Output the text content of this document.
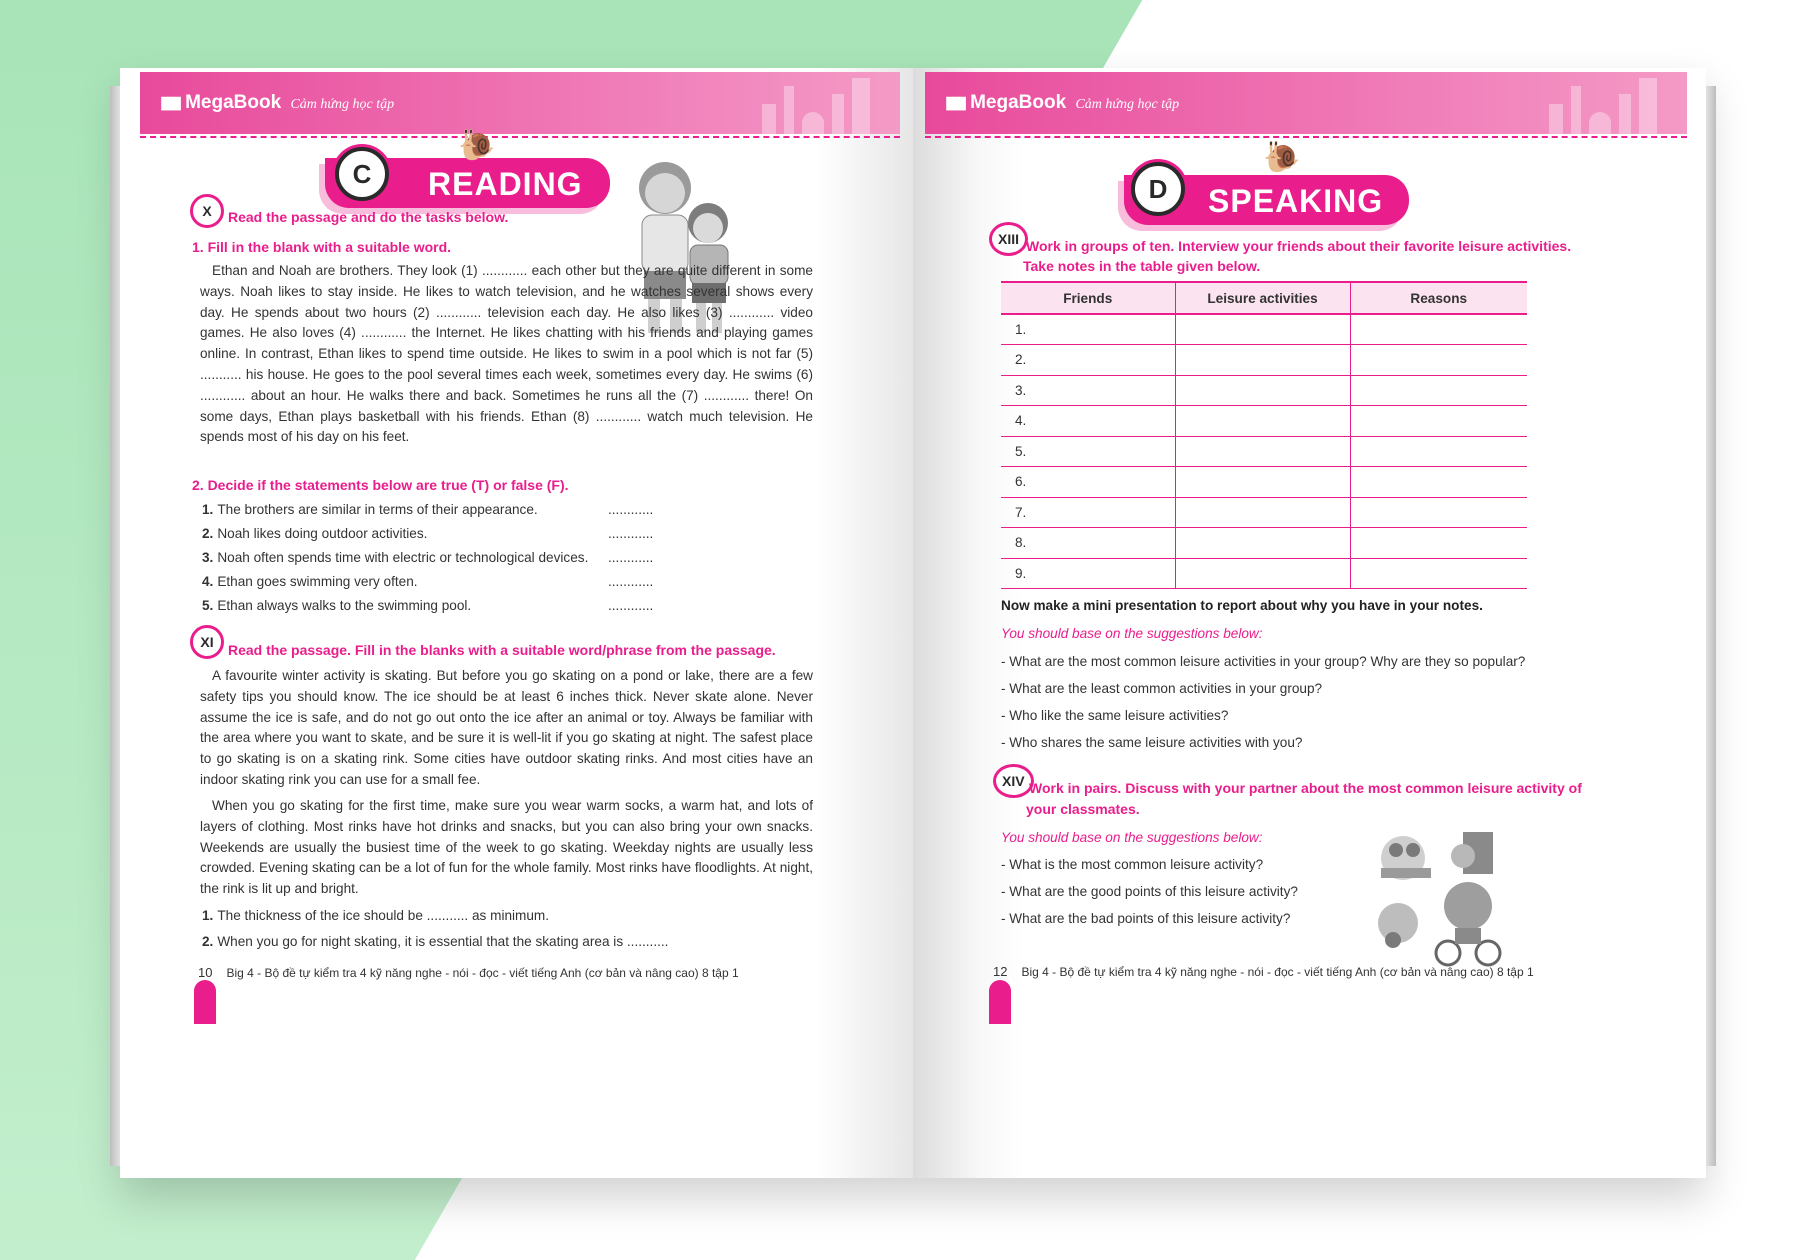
▮▮▮ MegaBook Cảm hứng học tập
READING
C
🐌
X	Read the passage and do the tasks below.
1. Fill in the blank with a suitable word.

Ethan and Noah are brothers. They look (1) ............ each other but they are quite different in some ways. Noah likes to stay inside. He likes to watch television, and he watches several shows every day. He spends about two hours (2) ............ television each day. He also likes (3) ............ video games. He also loves (4) ............ the Internet. He likes chatting with his friends and playing games online. In contrast, Ethan likes to spend time outside. He likes to swim in a pool which is not far (5) ........... his house. He goes to the pool several times each week, sometimes every day. He swims (6) ............ about an hour. He walks there and back. Sometimes he runs all the (7) ............ there! On some days, Ethan plays basketball with his friends. Ethan (8) ............ watch much television. He spends most of his day on his feet.

2. Decide if the statements below are true (T) or false (F).
1. The brothers are similar in terms of their appearance.	............
2. Noah likes doing outdoor activities.	............
3. Noah often spends time with electric or technological devices. ............
4. Ethan goes swimming very often.	............
5. Ethan always walks to the swimming pool.	............
XI	Read the passage. Fill in the blanks with a suitable word/phrase from the passage.

A favourite winter activity is skating. But before you go skating on a pond or lake, there are a few safety tips you should know. The ice should be at least 6 inches thick. Never skate alone. Never assume the ice is safe, and do not go out onto the ice after an animal or toy. Always be familiar with the area where you want to skate, and be sure it is well-lit if you go skating at night. The safest place to go skating is on a skating rink. Some cities have outdoor skating rinks. And most cities have an indoor skating rink you can use for a small fee.

When you go skating for the first time, make sure you wear warm socks, a warm hat, and lots of layers of clothing. Most rinks have hot drinks and snacks, but you can also bring your own snacks. Weekends are usually the busiest time of the week to go skating. Weekday nights are usually less crowded. Evening skating can be a lot of fun for the whole family. Most rinks have floodlights. At night, the rink is lit up and bright.

1. The thickness of the ice should be ........... as minimum.
2. When you go for night skating, it is essential that the skating area is ...........
10 Big 4 - Bộ đề tự kiểm tra 4 kỹ năng nghe - nói - đọc - viết tiếng Anh (cơ bản và nâng cao) 8 tập 1
▮▮▮ MegaBook Cảm hứng học tập
SPEAKING
D
🐌
XIII Work in groups of ten. Interview your friends about their favorite leisure activities.
Take notes in the table given below.
Friends	Leisure activities	Reasons
1.		
2.		
3.		
4.		
5.		
6.		
7.		
8.		
9.		
Now make a mini presentation to report about why you have in your notes.
You should base on the suggestions below:
- What are the most common leisure activities in your group? Why are they so popular?
- What are the least common activities in your group?
- Who like the same leisure activities?
- Who shares the same leisure activities with you?
XIV Work in pairs. Discuss with your partner about the most common leisure activity of
your classmates.
You should base on the suggestions below:
- What is the most common leisure activity?
- What are the good points of this leisure activity?
- What are the bad points of this leisure activity?
12 Big 4 - Bộ đề tự kiểm tra 4 kỹ năng nghe - nói - đọc - viết tiếng Anh (cơ bản và nâng cao) 8 tập 1
